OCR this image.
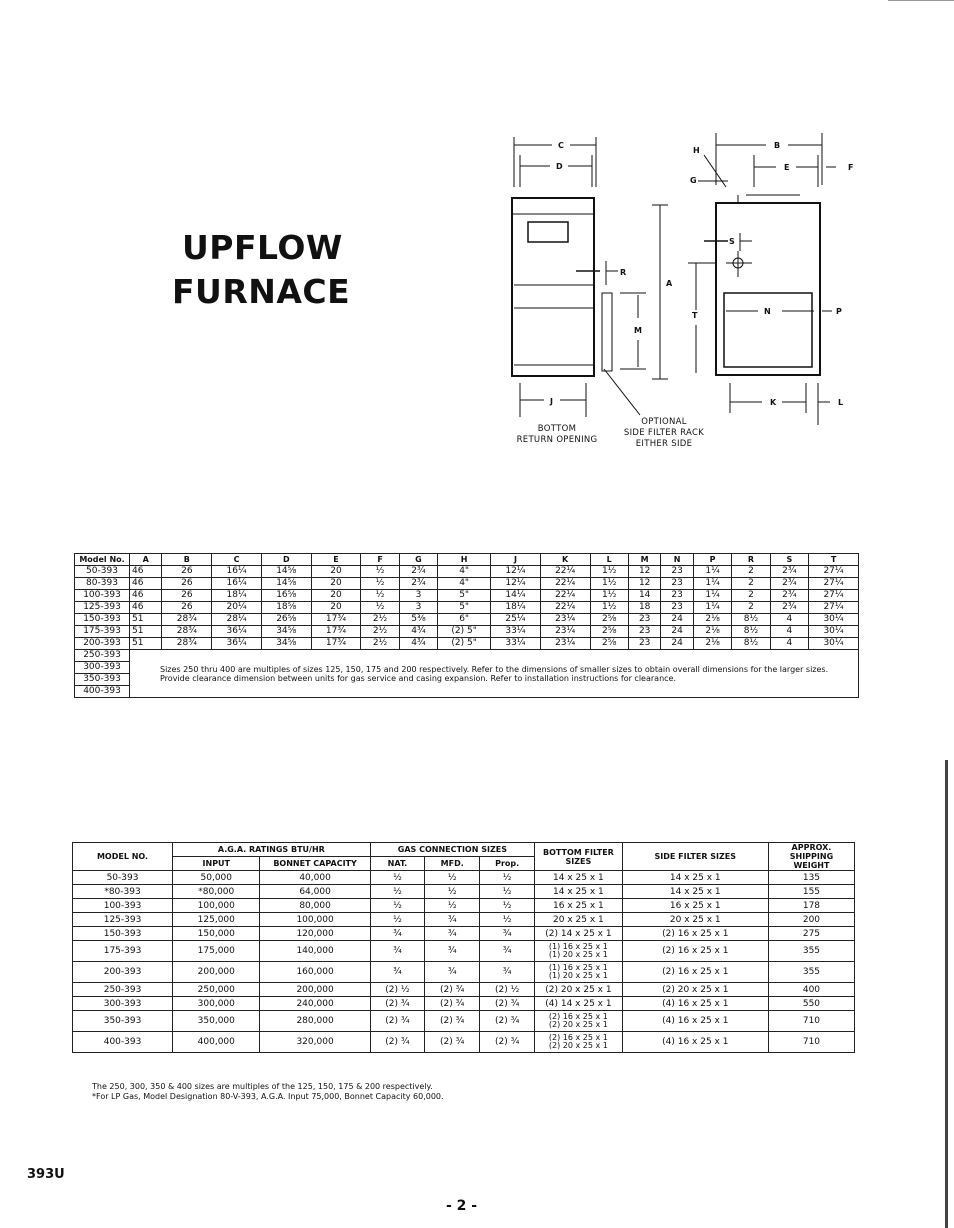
UPFLOW
FURNACE
C
D
R
M
J
A
H
G
B
E	F
S
T	N	P
K	L
BOTTOM
RETURN OPENING
OPTIONAL
SIDE FILTER RACK
EITHER SIDE
Model No.	A	B	C	D	E	F	G	H	J	K	L	M	N	P	R	S	T
50-393	46	26	16¼	14⅝	20	½	2¾	4"	12¼	22¼	1½	12	23	1¼	2	2¾	27¼
80-393	46	26	16¼	14⅝	20	½	2¾	4"	12¼	22¼	1½	12	23	1¼	2	2¾	27¼
100-393	46	26	18¼	16⅝	20	½	3	5"	14¼	22¼	1½	14	23	1¼	2	2¾	27¼
125-393	46	26	20¼	18⅝	20	½	3	5"	18¼	22¼	1½	18	23	1¼	2	2¾	27¼
150-393	51	28¾	28¼	26⅝	17¾	2½	5⅜	6"	25¼	23¼	2⅝	23	24	2⅛	8½	4	30¼
175-393	51	28¾	36¼	34⅝	17¾	2½	4¾	(2) 5"	33¼	23¼	2⅝	23	24	2⅛	8½	4	30¼
200-393	51	28¾	36¼	34⅝	17¾	2½	4¾	(2) 5"	33¼	23¼	2⅝	23	24	2⅛	8½	4	30¼
250-393	Sizes 250 thru 400 are multiples of sizes 125, 150, 175 and 200 respectively. Refer to the dimensions of smaller sizes to obtain overall dimensions for the larger sizes. Provide clearance dimension between units for gas service and casing expansion. Refer to installation instructions for clearance.																
300-393																	
350-393																	
400-393																	
MODEL NO.	A.G.A. RATINGS BTU/HR		GAS CONNECTION SIZES			BOTTOM FILTER SIZES	SIDE FILTER SIZES	APPROX. SHIPPING WEIGHT
	INPUT	BONNET CAPACITY	NAT.	MFD.	Prop.			
50-393	50,000	40,000	½	½	½	14 x 25 x 1	14 x 25 x 1	135
*80-393	*80,000	64,000	½	½	½	14 x 25 x 1	14 x 25 x 1	155
100-393	100,000	80,000	½	½	½	16 x 25 x 1	16 x 25 x 1	178
125-393	125,000	100,000	½	¾	½	20 x 25 x 1	20 x 25 x 1	200
150-393	150,000	120,000	¾	¾	¾	(2) 14 x 25 x 1	(2) 16 x 25 x 1	275
175-393	175,000	140,000	¾	¾	¾	(1) 16 x 25 x 1
(1) 20 x 25 x 1	(2) 16 x 25 x 1	355
200-393	200,000	160,000	¾	¾	¾	(1) 16 x 25 x 1
(1) 20 x 25 x 1	(2) 16 x 25 x 1	355
250-393	250,000	200,000	(2) ½	(2) ¾	(2) ½	(2) 20 x 25 x 1	(2) 20 x 25 x 1	400
300-393	300,000	240,000	(2) ¾	(2) ¾	(2) ¾	(4) 14 x 25 x 1	(4) 16 x 25 x 1	550
350-393	350,000	280,000	(2) ¾	(2) ¾	(2) ¾	(2) 16 x 25 x 1
(2) 20 x 25 x 1	(4) 16 x 25 x 1	710
400-393	400,000	320,000	(2) ¾	(2) ¾	(2) ¾	(2) 16 x 25 x 1
(2) 20 x 25 x 1	(4) 16 x 25 x 1	710
The 250, 300, 350 & 400 sizes are multiples of the 125, 150, 175 & 200 respectively.
*For LP Gas, Model Designation 80-V-393, A.G.A. Input 75,000, Bonnet Capacity 60,000.
393U
- 2 -
